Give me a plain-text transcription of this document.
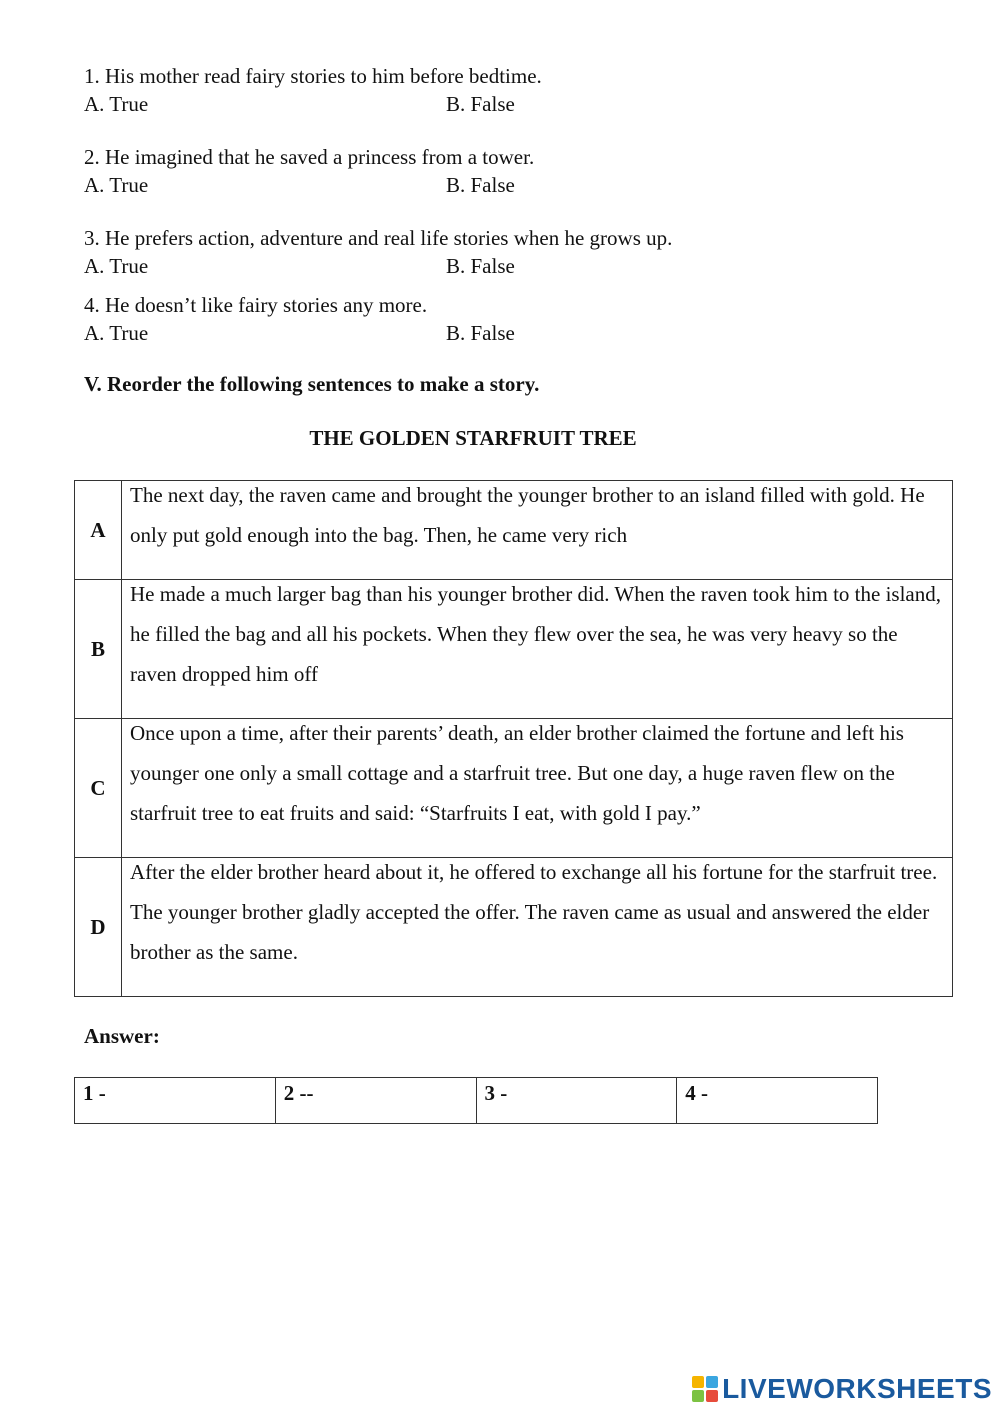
1. His mother read fairy stories to him before bedtime.
A. True	B. False
2. He imagined that he saved a princess from a tower.
A. True	B. False
3. He prefers action, adventure and real life stories when he grows up.
A. True	B. False
4. He doesn’t like fairy stories any more.
A. True	B. False
V. Reorder the following sentences to make a story.
THE GOLDEN STARFRUIT TREE
A	The next day, the raven came and brought the younger brother to an island filled with gold. He only put gold enough into the bag. Then, he came very rich

B	He made a much larger bag than his younger brother did. When the raven took him to the island, he filled the bag and all his pockets. When they flew over the sea, he was very heavy so the raven dropped him off

C	Once upon a time, after their parents’ death, an elder brother claimed the fortune and left his younger one only a small cottage and a starfruit tree. But one day, a huge raven flew on the starfruit tree to eat fruits and said: “Starfruits I eat, with gold I pay.”

D	After the elder brother heard about it, he offered to exchange all his fortune for the starfruit tree. The younger brother gladly accepted the offer. The raven came as usual and answered the elder brother as the same.
Answer:
1 -	2 --	3 -	4 -
LIVEWORKSHEETS
